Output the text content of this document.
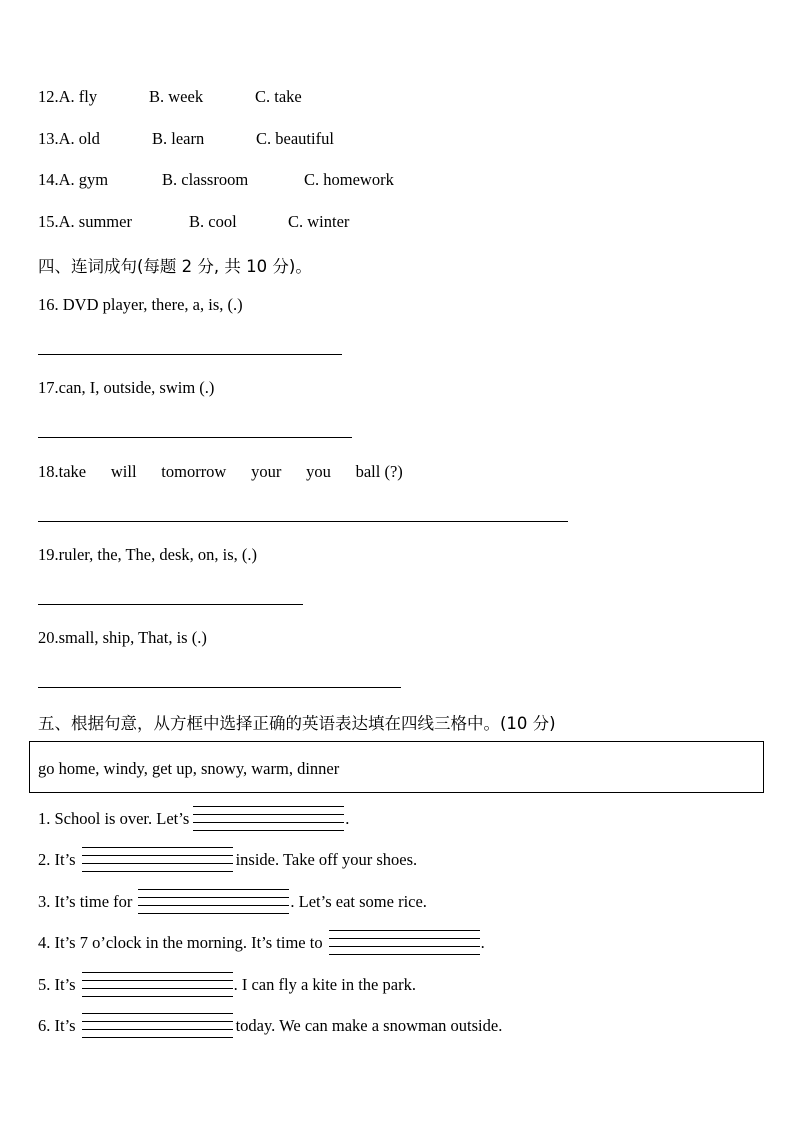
12.A. fly	B. week	C. take
13.A. old	B. learn	C. beautiful
14.A. gym	B. classroom	C. homework
15.A. summer	B. cool	C. winter
四、连词成句(每题 2 分, 共 10 分)。
16. DVD player, there, a, is, (.)
17.can, I, outside, swim (.)
18.take      will      tomorrow      your      you      ball (?)
19.ruler, the, The, desk, on, is, (.)
20.small, ship, That, is (.)
五、根据句意，从方框中选择正确的英语表达填在四线三格中。(10 分)
go home, windy, get up, snowy, warm, dinner
1. School is over. Let’s	.
2. It’s	inside. Take off your shoes.
3. It’s time for	. Let’s eat some rice.
4. It’s 7 o’clock in the morning. It’s time to	.
5. It’s	. I can fly a kite in the park.
6. It’s	today. We can make a snowman outside.
